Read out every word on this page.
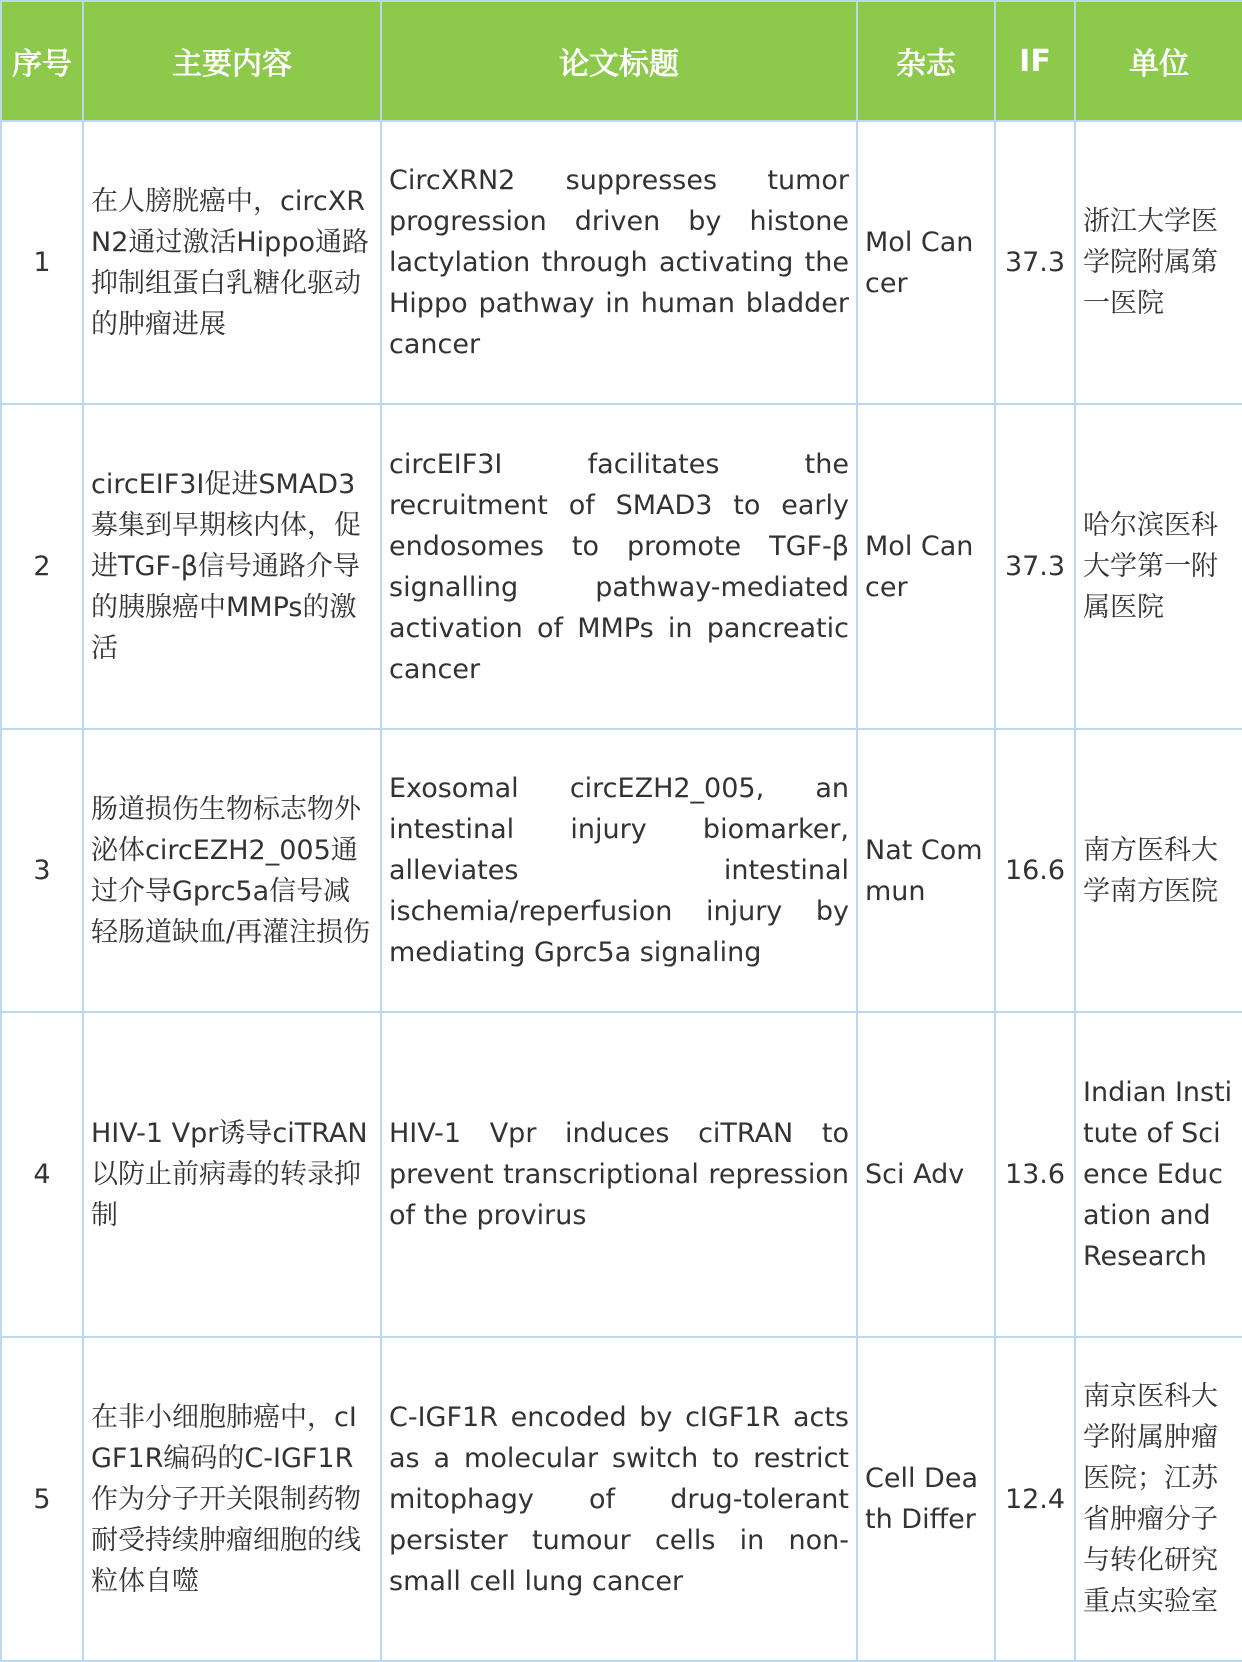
序号	主要内容	论文标题	杂志	IF	单位
1	在人膀胱癌中，circXRN2通过激活Hippo通路抑制组蛋白乳糖化驱动的肿瘤进展	CircXRN2 suppresses tumor progression driven by histone lactylation through activating the Hippo pathway in human bladder cancer	Mol Cancer	37.3	浙江大学医学院附属第一医院
2	circEIF3I促进SMAD3募集到早期核内体，促进TGF-β信号通路介导的胰腺癌中MMPs的激活	circEIF3I facilitates the recruitment of SMAD3 to early endosomes to promote TGF-β signalling pathway-mediated activation of MMPs in pancreatic cancer	Mol Cancer	37.3	哈尔滨医科大学第一附属医院
3	肠道损伤生物标志物外泌体circEZH2_005通过介导Gprc5a信号减轻肠道缺血/再灌注损伤	Exosomal circEZH2_005, an intestinal injury biomarker, alleviates intestinal ischemia/reperfusion injury by mediating Gprc5a signaling	Nat Commun	16.6	南方医科大学南方医院
4	HIV-1 Vpr诱导ciTRAN以防止前病毒的转录抑制	HIV-1 Vpr induces ciTRAN to prevent transcriptional repression of the provirus	Sci Adv	13.6	Indian Institute of Science Education and Research
5	在非小细胞肺癌中，cIGF1R编码的C-IGF1R作为分子开关限制药物耐受持续肿瘤细胞的线粒体自噬	C-IGF1R encoded by cIGF1R acts as a molecular switch to restrict mitophagy of drug-tolerant persister tumour cells in non-small cell lung cancer	Cell Death Differ	12.4	南京医科大学附属肿瘤医院；江苏省肿瘤分子与转化研究重点实验室
